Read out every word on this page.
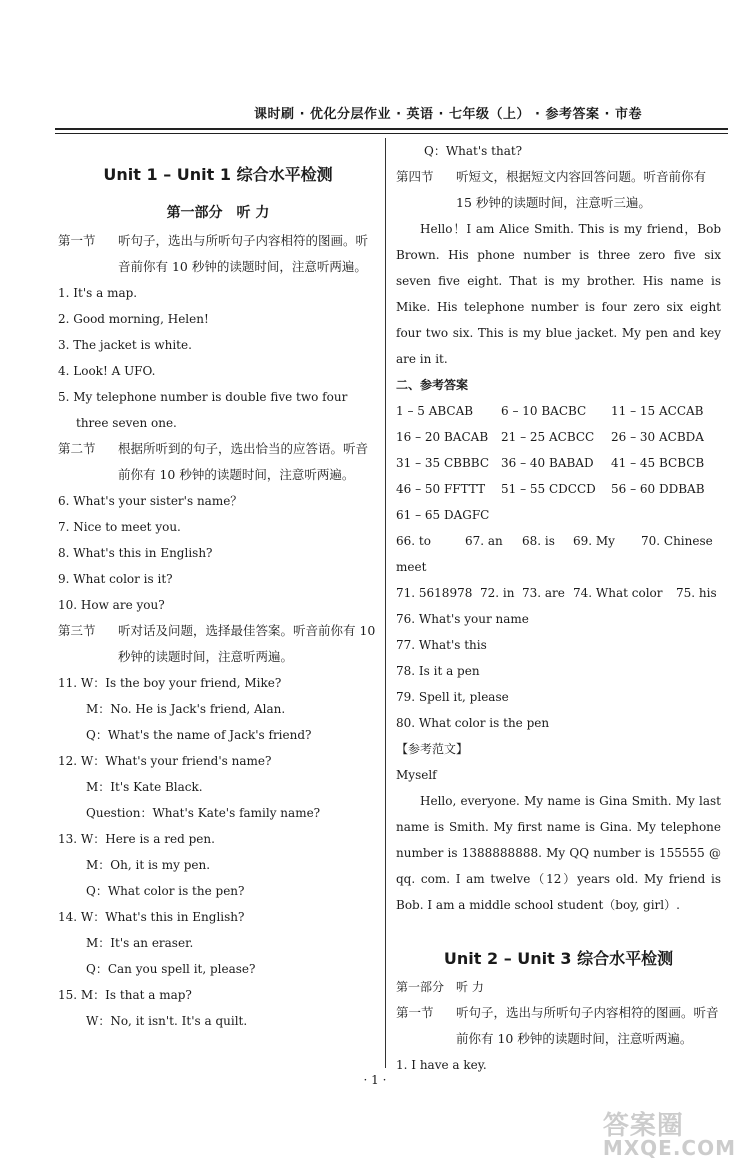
课时刷 · 优化分层作业 · 英语 · 七年级（上） · 参考答案 · 市卷
Unit 1 – Unit 1 综合水平检测
第一部分　听 力
第一节 听句子，选出与所听句子内容相符的图画。听音前你有 10 秒钟的读题时间，注意听两遍。
1. It's a map.
2. Good morning, Helen!
3. The jacket is white.
4. Look! A UFO.
5. My telephone number is double five two four three seven one.
第二节 根据所听到的句子，选出恰当的应答语。听音前你有 10 秒钟的读题时间，注意听两遍。
6. What's your sister's name？
7. Nice to meet you.
8. What's this in English?
9. What color is it?
10. How are you?
第三节 听对话及问题，选择最佳答案。听音前你有 10 秒钟的读题时间，注意听两遍。
11. W：Is the boy your friend, Mike?
M：No. He is Jack's friend, Alan.
Q：What's the name of Jack's friend?
12. W：What's your friend's name?
M：It's Kate Black.
Question：What's Kate's family name?
13. W：Here is a red pen.
M：Oh, it is my pen.
Q：What color is the pen?
14. W：What's this in English?
M：It's an eraser.
Q：Can you spell it, please?
15. M：Is that a map?
W：No, it isn't. It's a quilt.
Q：What's that?
第四节 听短文，根据短文内容回答问题。听音前你有 15 秒钟的读题时间，注意听三遍。
Hello！I am Alice Smith. This is my friend，Bob Brown. His phone number is three zero five six seven five eight. That is my brother. His name is Mike. His telephone number is four zero six eight four two six. This is my blue jacket. My pen and key are in it.
二、参考答案
1 – 5 ABCAB	6 – 10 BACBC	11 – 15 ACCAB
16 – 20 BACAB	21 – 25 ACBCC	26 – 30 ACBDA
31 – 35 CBBBC 36 – 40 BABAD	41 – 45 BCBCB
46 – 50 FFTTT	51 – 55 CDCCD	56 – 60 DDBAB
61 – 65 DAGFC
66. to meet
67. an	68. is	69. My	70. Chinese
71. 5618978 72. in 73. are 74. What color	75. his
76. What's your name
77. What's this
78. Is it a pen
79. Spell it, please
80. What color is the pen
【参考范文】
Myself
Hello, everyone. My name is Gina Smith. My last name is Smith. My first name is Gina. My telephone number is 1388888888. My QQ number is 155555 @ qq. com. I am twelve（12）years old. My friend is Bob. I am a middle school student（boy, girl）.
Unit 2 – Unit 3 综合水平检测
第一部分　听 力
第一节 听句子，选出与所听句子内容相符的图画。听音前你有 10 秒钟的读题时间，注意听两遍。
1. I have a key.
· 1 ·
答案圈
MXQE.COM
